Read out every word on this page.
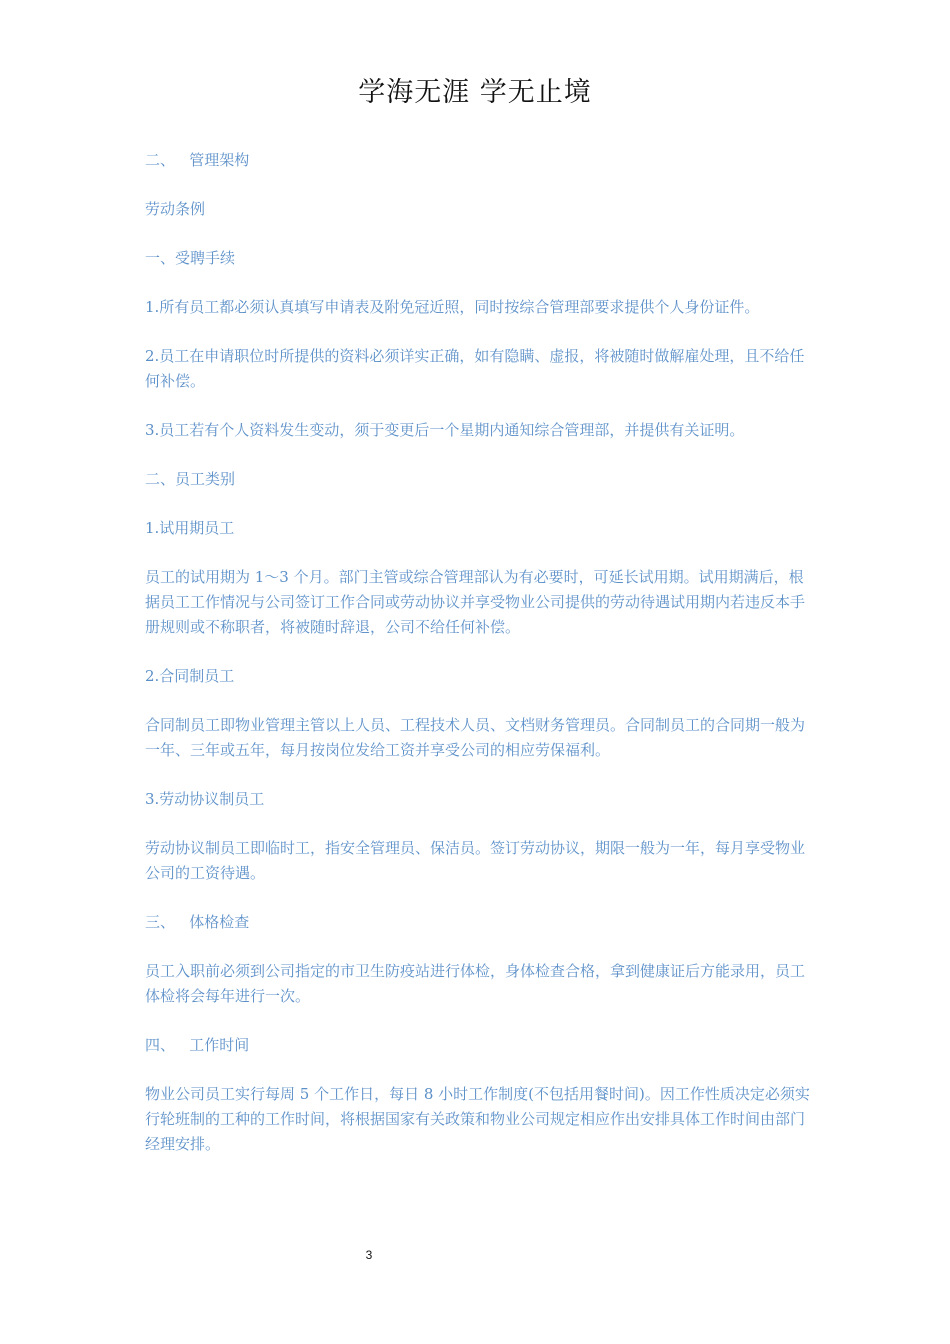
学海无涯 学无止境

二、   管理架构

劳动条例

一、受聘手续

1.所有员工都必须认真填写申请表及附免冠近照，同时按综合管理部要求提供个人身份证件。

2.员工在申请职位时所提供的资料必须详实正确，如有隐瞒、虚报，将被随时做解雇处理，且不给任何补偿。

3.员工若有个人资料发生变动，须于变更后一个星期内通知综合管理部，并提供有关证明。

二、员工类别

1.试用期员工

员工的试用期为 1～3 个月。部门主管或综合管理部认为有必要时，可延长试用期。试用期满后，根据员工工作情况与公司签订工作合同或劳动协议并享受物业公司提供的劳动待遇试用期内若违反本手册规则或不称职者，将被随时辞退，公司不给任何补偿。

2.合同制员工

合同制员工即物业管理主管以上人员、工程技术人员、文档财务管理员。合同制员工的合同期一般为一年、三年或五年，每月按岗位发给工资并享受公司的相应劳保福利。

3.劳动协议制员工

劳动协议制员工即临时工，指安全管理员、保洁员。签订劳动协议，期限一般为一年，每月享受物业公司的工资待遇。

三、   体格检查

员工入职前必须到公司指定的市卫生防疫站进行体检，身体检查合格，拿到健康证后方能录用，员工体检将会每年进行一次。

四、   工作时间

物业公司员工实行每周 5 个工作日，每日 8 小时工作制度(不包括用餐时间)。因工作性质决定必须实行轮班制的工种的工作时间，将根据国家有关政策和物业公司规定相应作出安排具体工作时间由部门经理安排。

3
